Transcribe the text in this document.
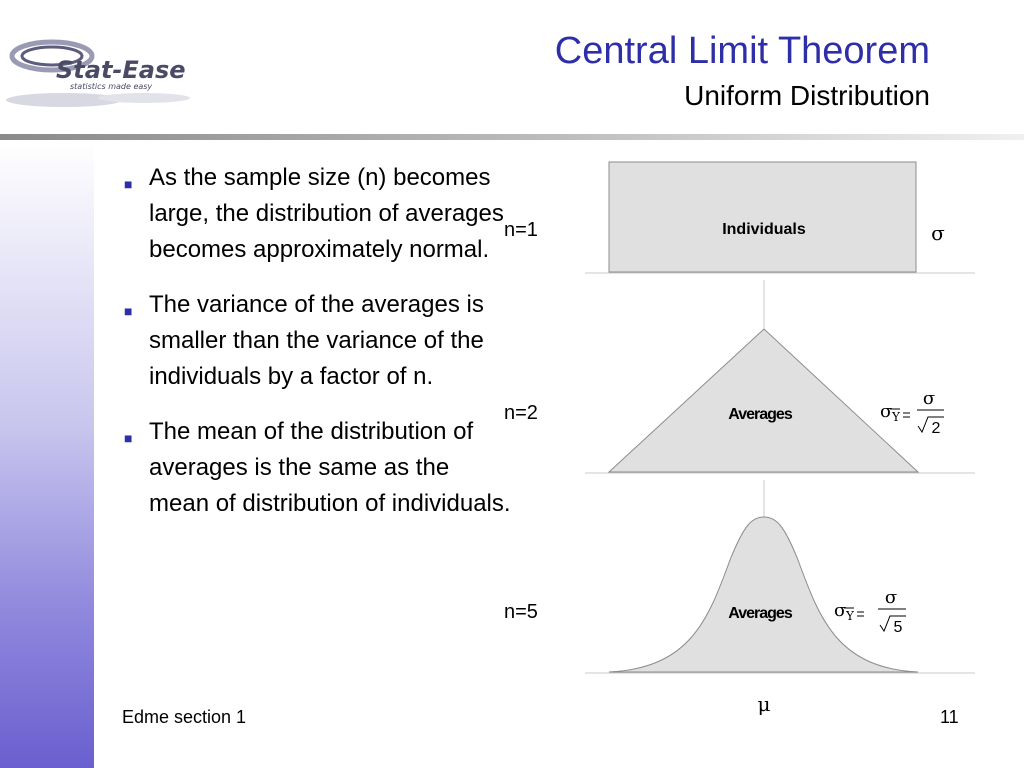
Stat-Ease
statistics made easy
Central Limit Theorem
Uniform Distribution
■ As the sample size (n) becomes large, the distribution of averages becomes approximately normal.
■ The variance of the averages is smaller than the variance of the individuals by a factor of n.
■ The mean of the distribution of averages is the same as the mean of distribution of individuals.
n=1
n=2
n=5
Individuals	σ
Averages	σ Y
σ
2
Averages σ Y
σ
5
μ
Edme section 1	11
